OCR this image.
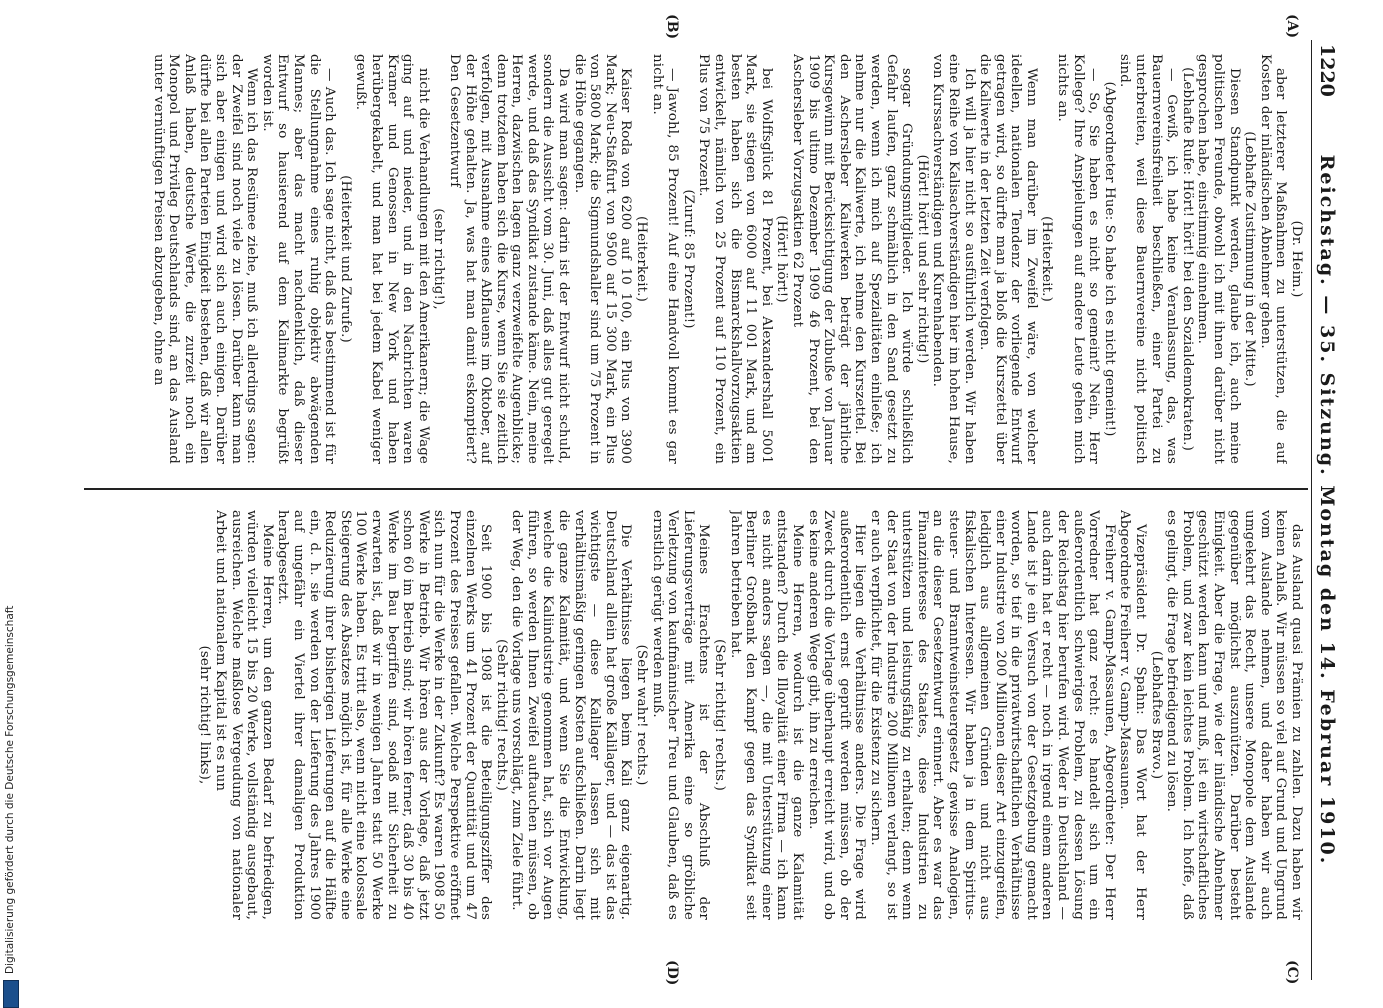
Digitalisierung gefördert durch die Deutsche Forschungsgemeinschaft
1220
Reichstag. — 35. Sitzung. Montag den 14. Februar 1910.
(A)
(B)
(C)
(D)

(Dr. Heim.)

aber letzterer Maßnahmen zu unterstützen, die auf Kosten der inländischen Abnehmer gehen.

(Lebhafte Zustimmung in der Mitte.)

Diesen Standpunkt werden, glaube ich, auch meine politischen Freunde, obwohl ich mit ihnen darüber nicht gesprochen habe, einstimmig einnehmen.

(Lebhafte Rufe: Hört! hört! bei den Sozialdemokraten.)

— Gewiß, ich habe keine Veranlassung, das, was Bauernvereinsfreiheit beschließen, einer Partei zu unterbreiten, weil diese Bauernvereine nicht politisch sind.

(Abgeordneter Hue: So habe ich es nicht gemeint!)

— So, Sie haben es nicht so gemeint? Nein, Herr Kollege? Ihre Anspielungen auf andere Leute gehen mich nichts an.

(Heiterkeit.)

Wenn man darüber im Zweifel wäre, von welcher ideellen, nationalen Tendenz der vorliegende Entwurf getragen wird, so dürfte man ja bloß die Kurszettel über die Kaliwerte in der letzten Zeit verfolgen.

Ich will ja hier nicht so ausführlich werden. Wir haben eine Reihe von Kalisachverständigen hier im hohen Hause, von Kurssachverständigen und Kurenhabenden.

(Hört! hört! und sehr richtig!)

sogar Gründungsmitglieder. Ich würde schließlich Gefahr laufen, ganz schmählich in den Sand gesetzt zu werden, wenn ich mich auf Spezialitäten einließe; ich nehme nur die Kaliwerte, ich nehme den Kurszettel. Bei den Aschersleber Kaliwerken beträgt der jährliche Kursgewinn mit Berücksichtigung der Zubuße von Januar 1909 bis ultimo Dezember 1909 46 Prozent, bei den Aschersleber Vorzugsaktien 62 Prozent

(Hört! hört!)

bei Wolffsglück 81 Prozent, bei Alexandershall 5001 Mark, sie stiegen von 6000 auf 11 001 Mark, und am besten haben sich die Bismarckshallvorzugsaktien entwickelt, nämlich von 25 Prozent auf 110 Prozent, ein Plus von 75 Prozent.

(Zuruf: 85 Prozent!)

— Jawohl, 85 Prozent! Auf eine Handvoll kommt es gar nicht an.

(Heiterkeit.)

Kaiser Roda von 6200 auf 10 100, ein Plus von 3900 Mark; Neu-Staßfurt von 9500 auf 15 300 Mark, ein Plus von 5800 Mark; die Sigmundshaller sind um 75 Prozent in die Höhe gegangen.

Da wird man sagen: darin ist der Entwurf nicht schuld, sondern die Aussicht vom 30. Juni, daß alles gut geregelt werde, und daß das Syndikat zustande käme. Nein, meine Herren, dazwischen lagen ganz verzweifelte Augenblicke; denn trotzdem haben sich die Kurse, wenn Sie sie zeitlich verfolgen, mit Ausnahme eines Abflauens im Oktober, auf der Höhe gehalten. Ja, was hat man damit eskomptiert? Den Gesetzentwurf

(sehr richtig!),

nicht die Verhandlungen mit den Amerikanern; die Wage ging auf und nieder, und in den Nachrichten waren Kramer und Genossen in New York und haben herübergekabelt, und man hat bei jedem Kabel weniger gewußt.

(Heiterkeit und Zurufe.)

— Auch das. Ich sage nicht, daß das bestimmend ist für die Stellungnahme eines ruhig objektiv abwägenden Mannes; aber das macht nachdenklich, daß dieser Entwurf so hausierend auf dem Kalimarkte begrüßt worden ist.

Wenn ich das Resümee ziehe, muß ich allerdings sagen: der Zweifel sind noch viele zu lösen. Darüber kann man sich aber einigen und wird sich auch einigen. Darüber dürfte bei allen Parteien Einigkeit bestehen, daß wir allen Anlaß haben, deutsche Werte, die zurzeit noch ein Monopol und Privileg Deutschlands sind, an das Ausland unter vernünftigen Preisen abzugeben, ohne an

das Ausland quasi Prämien zu zahlen. Dazu haben wir keinen Anlaß. Wir müssen so viel auf Grund und Ungrund vom Auslande nehmen, und daher haben wir auch umgekehrt das Recht, unsere Monopole dem Auslande gegenüber möglichst auszunützen. Darüber besteht Einigkeit. Aber die Frage, wie der inländische Abnehmer geschützt werden kann und muß, ist ein wirtschaftliches Problem, und zwar kein leichtes Problem. Ich hoffe, daß es gelingt, die Frage befriedigend zu lösen.

(Lebhaftes Bravo.)

Vizepräsident Dr. Spahn: Das Wort hat der Herr Abgeordnete Freiherr v. Gamp-Massaunen.

Freiherr v. Gamp-Massaunen, Abgeordneter: Der Herr Vorredner hat ganz recht: es handelt sich um ein außerordentlich schwieriges Problem, zu dessen Lösung der Reichstag hier berufen wird. Weder in Deutschland — auch darin hat er recht — noch in irgend einem anderen Lande ist je ein Versuch von der Gesetzgebung gemacht worden, so tief in die privatwirtschaftlichen Verhältnisse einer Industrie von 200 Millionen dieser Art einzugreifen, lediglich aus allgemeinen Gründen und nicht aus fiskalischen Interessen. Wir haben ja in dem Spiritus- steuer- und Branntweinsteuergesetz gewisse Analogien, an die dieser Gesetzentwurf erinnert. Aber es war das Finanzinteresse des Staates, diese Industrien zu unterstützen und leistungsfähig zu erhalten; denn wenn der Staat von der Industrie 200 Millionen verlangt, so ist er auch verpflichtet, für die Existenz zu sichern.

Hier liegen die Verhältnisse anders. Die Frage wird außerordentlich ernst geprüft werden müssen, ob der Zweck durch die Vorlage überhaupt erreicht wird, und ob es keine anderen Wege gibt, ihn zu erreichen.

Meine Herren, wodurch ist die ganze Kalamität entstanden? Durch die Illoyalität einer Firma — ich kann es nicht anders sagen —, die mit Unterstützung einer Berliner Großbank den Kampf gegen das Syndikat seit Jahren betrieben hat.

(Sehr richtig! rechts.)

Meines Erachtens ist der Abschluß der Lieferungsverträge mit Amerika eine so gröbliche Verletzung von kaufmännischer Treu und Glauben, daß es ernstlich gerügt werden muß.

(Sehr wahr! rechts.)

Die Verhältnisse liegen beim Kali ganz eigenartig. Deutschland allein hat große Kalilager, und — das ist das wichtigste — diese Kalilager lassen sich mit verhältnismäßig geringen Kosten aufschließen. Darin liegt die ganze Kalamität, und wenn Sie die Entwicklung, welche die Kaliindustrie genommen hat, sich vor Augen führen, so werden Ihnen Zweifel auftauchen müssen, ob der Weg, den die Vorlage uns vorschlägt, zum Ziele führt.

(Sehr richtig! rechts.)

Seit 1900 bis 1908 ist die Beteiligungsziffer des einzelnen Werks um 41 Prozent der Quantität und um 47 Prozent des Preises gefallen. Welche Perspektive eröffnet sich nun für die Werke in der Zukunft? Es waren 1908 50 Werke in Betrieb. Wir hören aus der Vorlage, daß jetzt schon 60 im Betrieb sind; wir hören ferner, daß 30 bis 40 Werke im Bau begriffen sind, sodaß mit Sicherheit zu erwarten ist, daß wir in wenigen Jahren statt 50 Werke 100 Werke haben. Es tritt also, wenn nicht eine kolossale Steigerung des Absatzes möglich ist, für alle Werke eine Reduzierung ihrer bisherigen Lieferungen auf die Hälfte ein, d. h. sie werden von der Lieferung des Jahres 1900 auf ungefähr ein Viertel ihrer damaligen Produktion herabgesetzt.

Meine Herren, um den ganzen Bedarf zu befriedigen, würden vielleicht 15 bis 20 Werke, vollständig ausgebaut, ausreichen. Welche maßlose Vergeudung von nationaler Arbeit und nationalem Kapital ist es nun

(sehr richtig! links),
